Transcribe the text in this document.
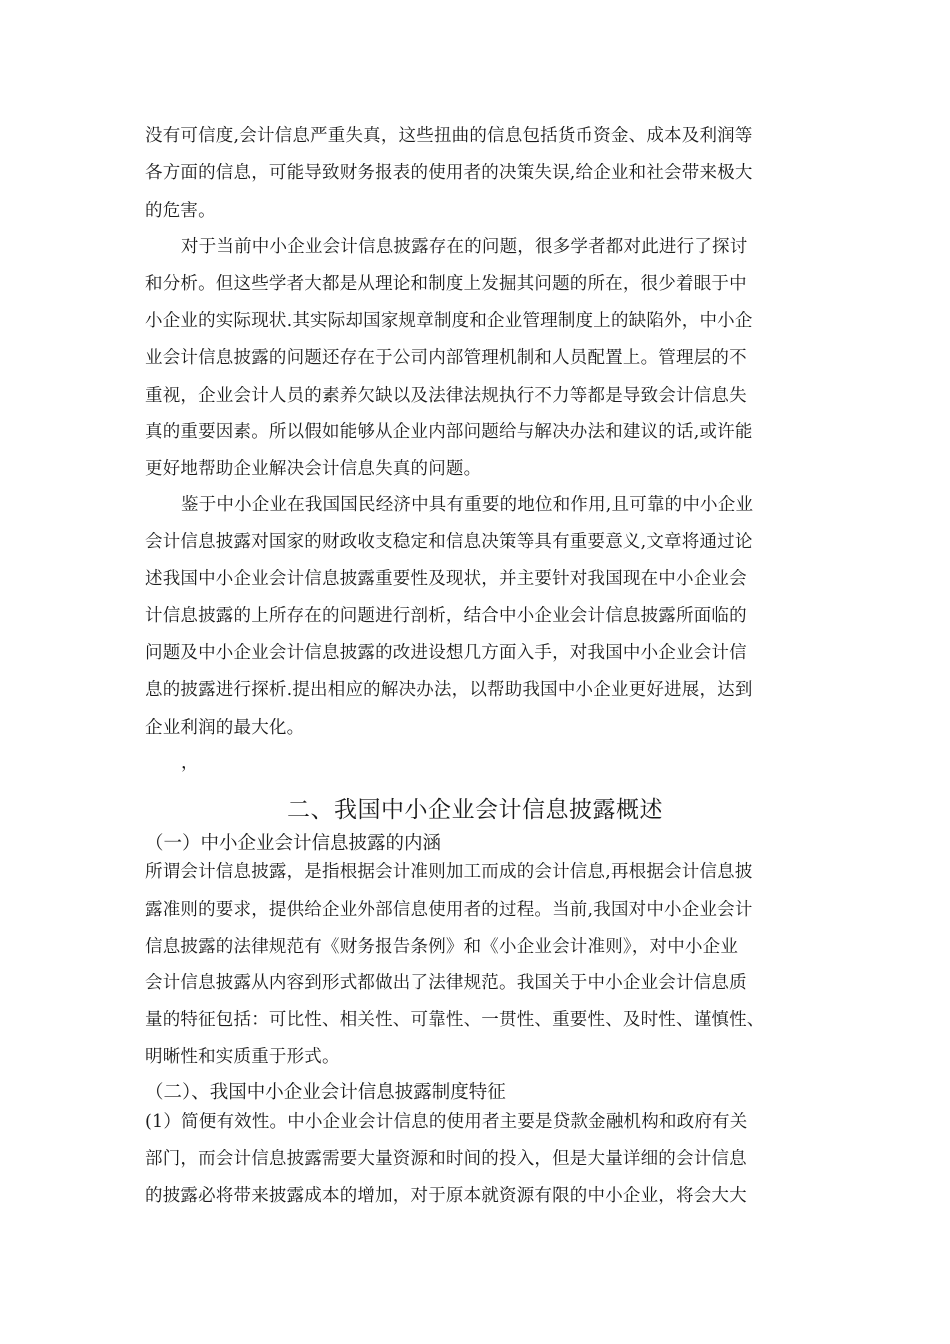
没有可信度,会计信息严重失真，这些扭曲的信息包括货币资金、成本及利润等
各方面的信息，可能导致财务报表的使用者的决策失误,给企业和社会带来极大
的危害。
对于当前中小企业会计信息披露存在的问题，很多学者都对此进行了探讨
和分析。但这些学者大都是从理论和制度上发掘其问题的所在，很少着眼于中
小企业的实际现状.其实际却国家规章制度和企业管理制度上的缺陷外，中小企
业会计信息披露的问题还存在于公司内部管理机制和人员配置上。管理层的不
重视，企业会计人员的素养欠缺以及法律法规执行不力等都是导致会计信息失
真的重要因素。所以假如能够从企业内部问题给与解决办法和建议的话,或许能
更好地帮助企业解决会计信息失真的问题。
鉴于中小企业在我国国民经济中具有重要的地位和作用,且可靠的中小企业
会计信息披露对国家的财政收支稳定和信息决策等具有重要意义,文章将通过论
述我国中小企业会计信息披露重要性及现状，并主要针对我国现在中小企业会
计信息披露的上所存在的问题进行剖析，结合中小企业会计信息披露所面临的
问题及中小企业会计信息披露的改进设想几方面入手，对我国中小企业会计信
息的披露进行探析.提出相应的解决办法，以帮助我国中小企业更好进展，达到
企业利润的最大化。
，
二、我国中小企业会计信息披露概述
（一）中小企业会计信息披露的内涵
所谓会计信息披露，是指根据会计准则加工而成的会计信息,再根据会计信息披
露准则的要求，提供给企业外部信息使用者的过程。当前,我国对中小企业会计
信息披露的法律规范有《财务报告条例》和《小企业会计准则》，对中小企业
会计信息披露从内容到形式都做出了法律规范。我国关于中小企业会计信息质
量的特征包括：可比性、相关性、可靠性、一贯性、重要性、及时性、谨慎性、
明晰性和实质重于形式。
（二）、我国中小企业会计信息披露制度特征
(1）简便有效性。中小企业会计信息的使用者主要是贷款金融机构和政府有关
部门，而会计信息披露需要大量资源和时间的投入，但是大量详细的会计信息
的披露必将带来披露成本的增加，对于原本就资源有限的中小企业，将会大大
